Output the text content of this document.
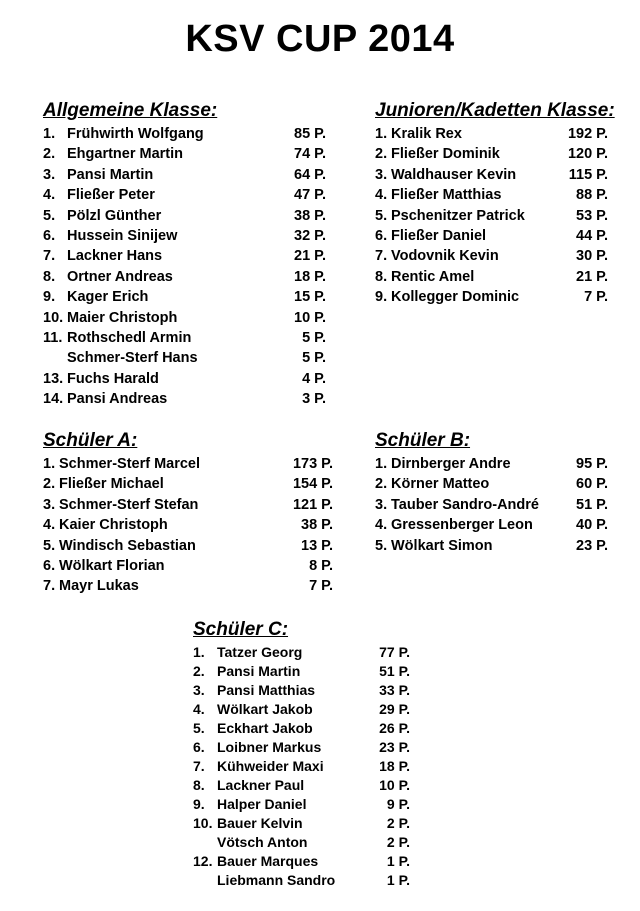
KSV CUP 2014
Allgemeine Klasse:
1. Frühwirth Wolfgang	85 P.
2. Ehgartner Martin	74 P.
3. Pansi Martin	64 P.
4. Fließer Peter	47 P.
5. Pölzl Günther	38 P.
6. Hussein Sinijew	32 P.
7. Lackner Hans	21 P.
8. Ortner Andreas	18 P.
9. Kager Erich	15 P.
10. Maier Christoph	10 P.
11. Rothschedl Armin	5 P.
Schmer-Sterf Hans	5 P.
13. Fuchs Harald	4 P.
14. Pansi Andreas	3 P.
Junioren/Kadetten Klasse:
1. Kralik Rex	192 P.
2. Fließer Dominik	120 P.
3. Waldhauser Kevin	115 P.
4. Fließer Matthias	88 P.
5. Pschenitzer Patrick	53 P.
6. Fließer Daniel	44 P.
7. Vodovnik Kevin	30 P.
8. Rentic Amel	21 P.
9. Kollegger Dominic	7 P.
Schüler A:
1. Schmer-Sterf Marcel	173 P.
2. Fließer Michael	154 P.
3. Schmer-Sterf Stefan	121 P.
4. Kaier Christoph	38 P.
5. Windisch Sebastian	13 P.
6. Wölkart Florian	8 P.
7. Mayr Lukas	7 P.
Schüler B:
1. Dirnberger Andre	95 P.
2. Körner Matteo	60 P.
3. Tauber Sandro-André	51 P.
4. Gressenberger Leon	40 P.
5. Wölkart Simon	23 P.
Schüler C:
1. Tatzer Georg	77 P.
2. Pansi Martin	51 P.
3. Pansi Matthias	33 P.
4. Wölkart Jakob	29 P.
5. Eckhart Jakob	26 P.
6. Loibner Markus	23 P.
7. Kühweider Maxi	18 P.
8. Lackner Paul	10 P.
9. Halper Daniel	9 P.
10. Bauer Kelvin	2 P.
Vötsch Anton	2 P.
12. Bauer Marques	1 P.
Liebmann Sandro	1 P.
